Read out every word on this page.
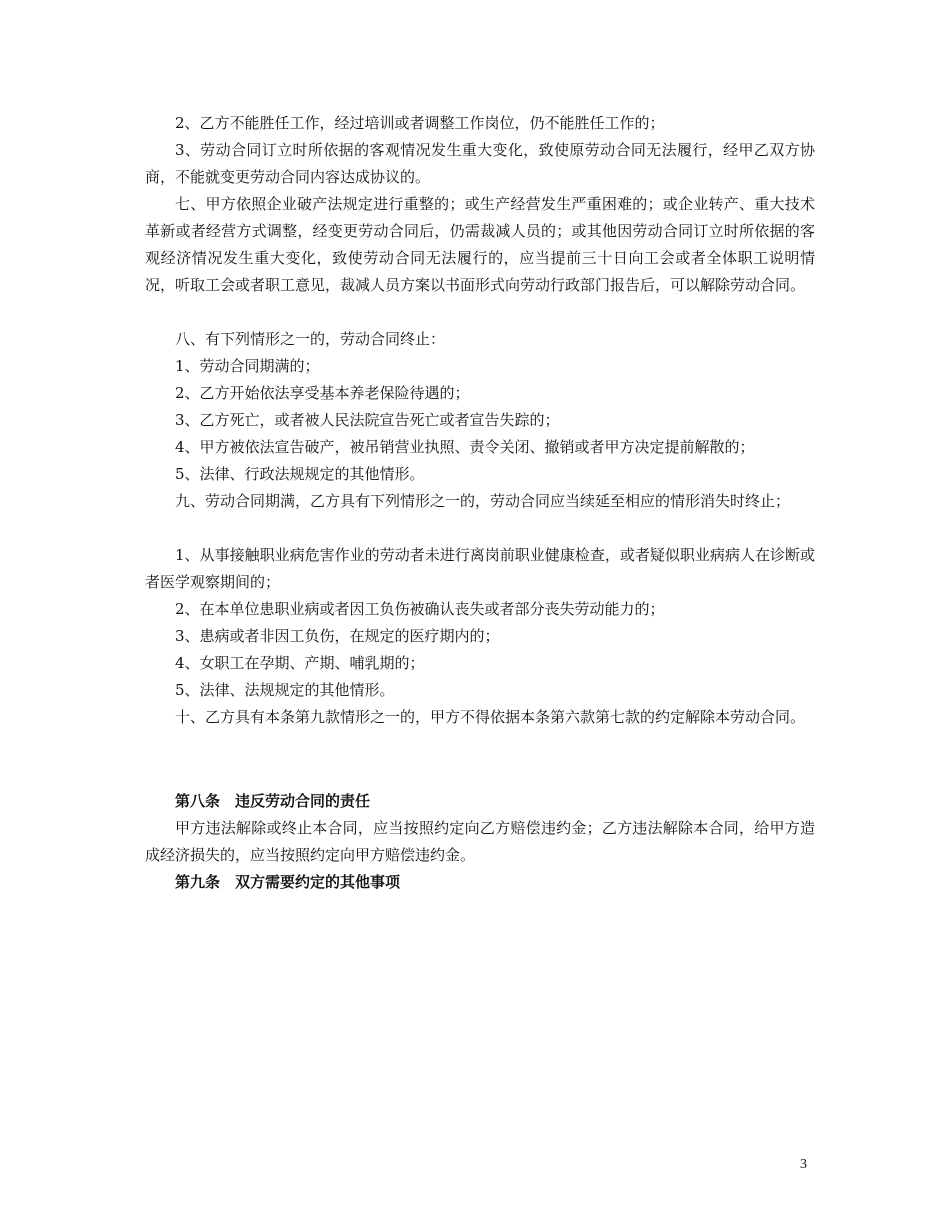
2、乙方不能胜任工作，经过培训或者调整工作岗位，仍不能胜任工作的；

3、劳动合同订立时所依据的客观情况发生重大变化，致使原劳动合同无法履行，经甲乙双方协商，不能就变更劳动合同内容达成协议的。

七、甲方依照企业破产法规定进行重整的；或生产经营发生严重困难的；或企业转产、重大技术革新或者经营方式调整，经变更劳动合同后，仍需裁减人员的；或其他因劳动合同订立时所依据的客观经济情况发生重大变化，致使劳动合同无法履行的，应当提前三十日向工会或者全体职工说明情况，听取工会或者职工意见，裁减人员方案以书面形式向劳动行政部门报告后，可以解除劳动合同。

八、有下列情形之一的，劳动合同终止：

1、劳动合同期满的；

2、乙方开始依法享受基本养老保险待遇的；

3、乙方死亡，或者被人民法院宣告死亡或者宣告失踪的；

4、甲方被依法宣告破产，被吊销营业执照、责令关闭、撤销或者甲方决定提前解散的；

5、法律、行政法规规定的其他情形。

九、劳动合同期满，乙方具有下列情形之一的，劳动合同应当续延至相应的情形消失时终止；

1、从事接触职业病危害作业的劳动者未进行离岗前职业健康检查，或者疑似职业病病人在诊断或者医学观察期间的；

2、在本单位患职业病或者因工负伤被确认丧失或者部分丧失劳动能力的；

3、患病或者非因工负伤，在规定的医疗期内的；

4、女职工在孕期、产期、哺乳期的；

5、法律、法规规定的其他情形。

十、乙方具有本条第九款情形之一的，甲方不得依据本条第六款第七款的约定解除本劳动合同。

第八条　违反劳动合同的责任

甲方违法解除或终止本合同，应当按照约定向乙方赔偿违约金；乙方违法解除本合同，给甲方造成经济损失的，应当按照约定向甲方赔偿违约金。

第九条　双方需要约定的其他事项

3
